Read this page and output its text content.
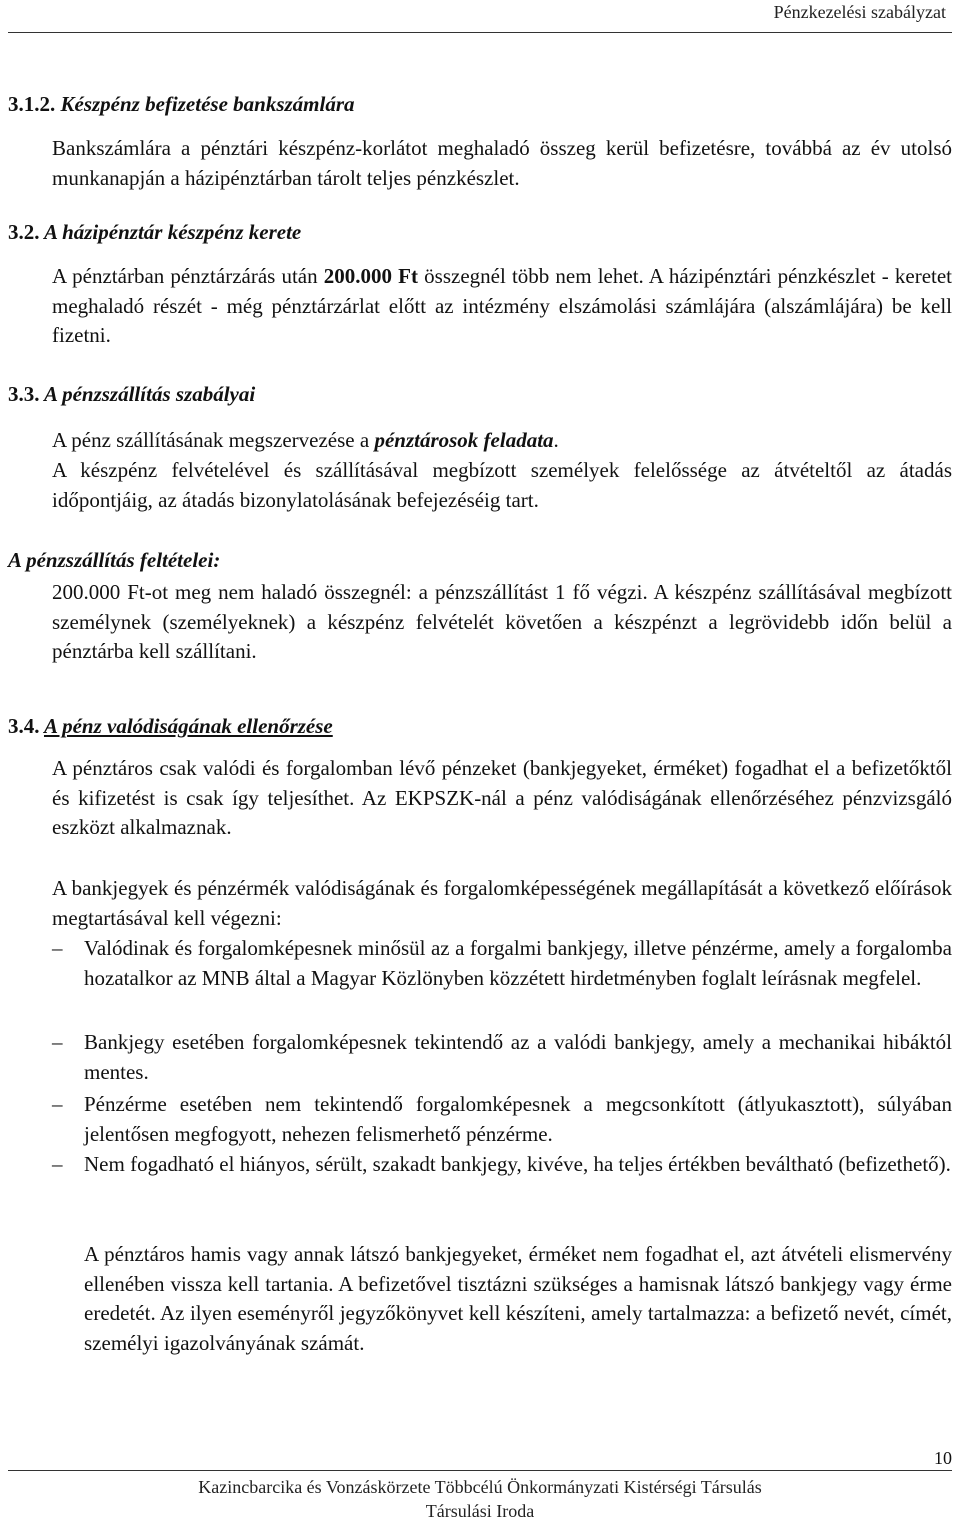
Pénzkezelési szabályzat
3.1.2. Készpénz befizetése bankszámlára
Bankszámlára a pénztári készpénz-korlátot meghaladó összeg kerül befizetésre, továbbá az év utolsó munkanapján a házipénztárban tárolt teljes pénzkészlet.
3.2. A házipénztár készpénz kerete
A pénztárban pénztárzárás után 200.000 Ft összegnél több nem lehet. A házipénztári pénzkészlet - keretet meghaladó részét - még pénztárzárlat előtt az intézmény elszámolási számlájára (alszámlájára) be kell fizetni.
3.3. A pénzszállítás szabályai
A pénz szállításának megszervezése a pénztárosok feladata.
A készpénz felvételével és szállításával megbízott személyek felelőssége az átvételtől az átadás időpontjáig, az átadás bizonylatolásának befejezéséig tart.
A pénzszállítás feltételei:
200.000 Ft-ot meg nem haladó összegnél: a pénzszállítást 1 fő végzi. A készpénz szállításával megbízott személynek (személyeknek) a készpénz felvételét követően a készpénzt a legrövidebb időn belül a pénztárba kell szállítani.
3.4. A pénz valódiságának ellenőrzése
A pénztáros csak valódi és forgalomban lévő pénzeket (bankjegyeket, érméket) fogadhat el a befizetőktől és kifizetést is csak így teljesíthet. Az EKPSZK-nál a pénz valódiságának ellenőrzéséhez pénzvizsgáló eszközt alkalmaznak.
A bankjegyek és pénzérmék valódiságának és forgalomképességének megállapítását a következő előírások megtartásával kell végezni:
– Valódinak és forgalomképesnek minősül az a forgalmi bankjegy, illetve pénzérme, amely a forgalomba hozatalkor az MNB által a Magyar Közlönyben közzétett hirdetményben foglalt leírásnak megfelel.
– Bankjegy esetében forgalomképesnek tekintendő az a valódi bankjegy, amely a mechanikai hibáktól mentes.
– Pénzérme esetében nem tekintendő forgalomképesnek a megcsonkított (átlyukasztott), súlyában jelentősen megfogyott, nehezen felismerhető pénzérme.
– Nem fogadható el hiányos, sérült, szakadt bankjegy, kivéve, ha teljes értékben beváltható (befizethető).
A pénztáros hamis vagy annak látszó bankjegyeket, érméket nem fogadhat el, azt átvételi elismervény ellenében vissza kell tartania. A befizetővel tisztázni szükséges a hamisnak látszó bankjegy vagy érme eredetét. Az ilyen eseményről jegyzőkönyvet kell készíteni, amely tartalmazza: a befizető nevét, címét, személyi igazolványának számát.
10
Kazincbarcika és Vonzáskörzete Többcélú Önkormányzati Kistérségi Társulás
Társulási Iroda
